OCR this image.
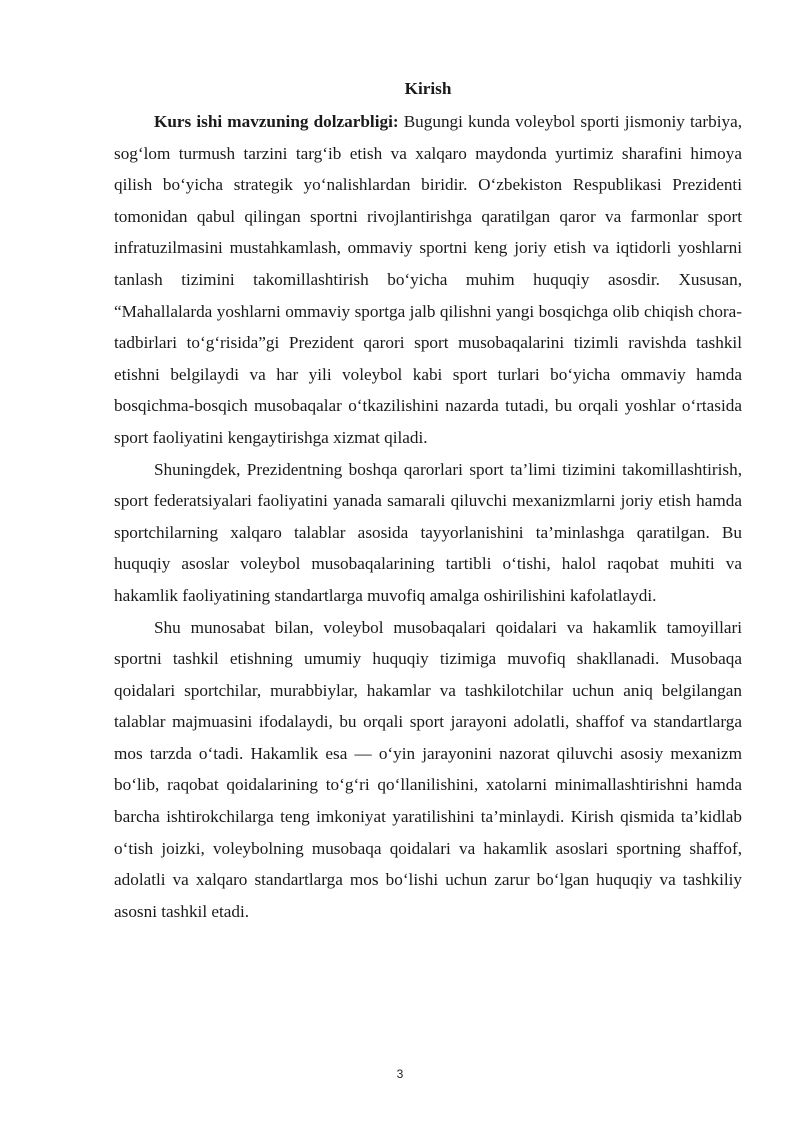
Kirish

Kurs ishi mavzuning dolzarbligi: Bugungi kunda voleybol sporti jismoniy tarbiya, sog‘lom turmush tarzini targ‘ib etish va xalqaro maydonda yurtimiz sharafini himoya qilish bo‘yicha strategik yo‘nalishlardan biridir. O‘zbekiston Respublikasi Prezidenti tomonidan qabul qilingan sportni rivojlantirishga qaratilgan qaror va farmonlar sport infratuzilmasini mustahkamlash, ommaviy sportni keng joriy etish va iqtidorli yoshlarni tanlash tizimini takomillashtirish bo‘yicha muhim huquqiy asosdir. Xususan, “Mahallalarda yoshlarni ommaviy sportga jalb qilishni yangi bosqichga olib chiqish chora-tadbirlari to‘g‘risida”gi Prezident qarori sport musobaqalarini tizimli ravishda tashkil etishni belgilaydi va har yili voleybol kabi sport turlari bo‘yicha ommaviy hamda bosqichma-bosqich musobaqalar o‘tkazilishini nazarda tutadi, bu orqali yoshlar o‘rtasida sport faoliyatini kengaytirishga xizmat qiladi.

Shuningdek, Prezidentning boshqa qarorlari sport ta’limi tizimini takomillashtirish, sport federatsiyalari faoliyatini yanada samarali qiluvchi mexanizmlarni joriy etish hamda sportchilarning xalqaro talablar asosida tayyorlanishini ta’minlashga qaratilgan. Bu huquqiy asoslar voleybol musobaqalarining tartibli o‘tishi, halol raqobat muhiti va hakamlik faoliyatining standartlarga muvofiq amalga oshirilishini kafolatlaydi.

Shu munosabat bilan, voleybol musobaqalari qoidalari va hakamlik tamoyillari sportni tashkil etishning umumiy huquqiy tizimiga muvofiq shakllanadi. Musobaqa qoidalari sportchilar, murabbiylar, hakamlar va tashkilotchilar uchun aniq belgilangan talablar majmuasini ifodalaydi, bu orqali sport jarayoni adolatli, shaffof va standartlarga mos tarzda o‘tadi. Hakamlik esa — o‘yin jarayonini nazorat qiluvchi asosiy mexanizm bo‘lib, raqobat qoidalarining to‘g‘ri qo‘llanilishini, xatolarni minimallashtirishni hamda barcha ishtirokchilarga teng imkoniyat yaratilishini ta’minlaydi. Kirish qismida ta’kidlab o‘tish joizki, voleybolning musobaqa qoidalari va hakamlik asoslari sportning shaffof, adolatli va xalqaro standartlarga mos bo‘lishi uchun zarur bo‘lgan huquqiy va tashkiliy asosni tashkil etadi.

3
